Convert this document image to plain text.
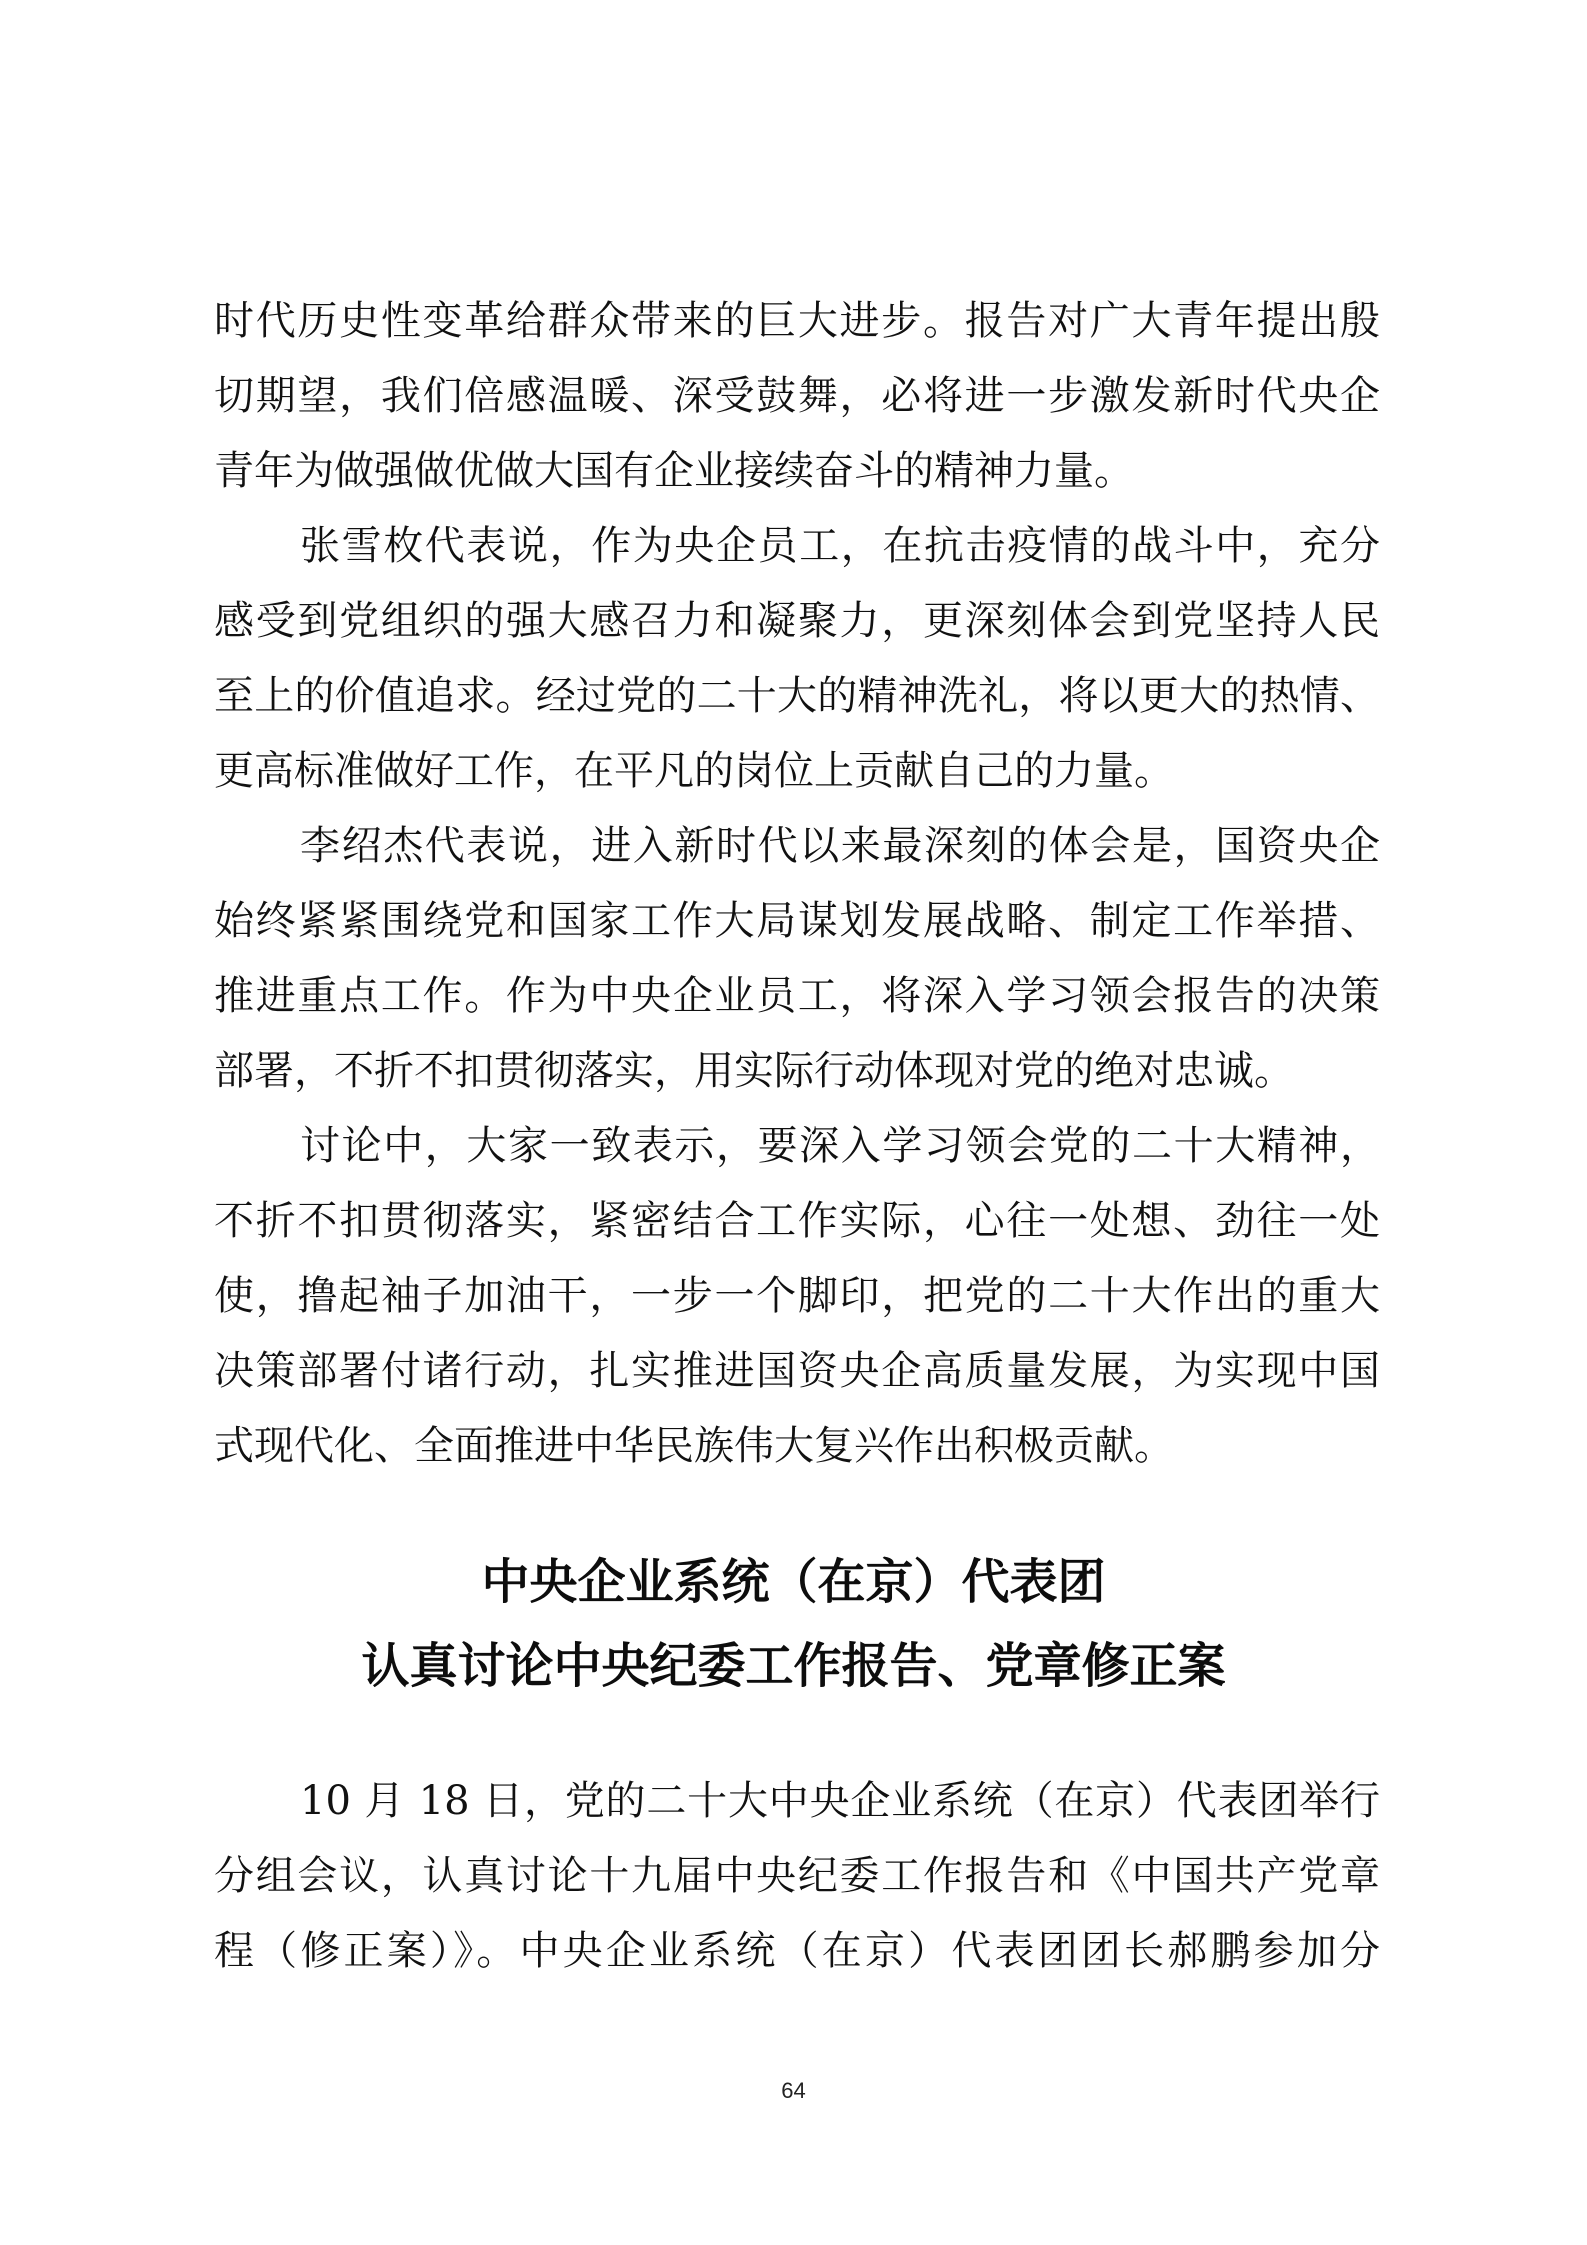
时代历史性变革给群众带来的巨大进步。报告对广大青年提出殷
切期望，我们倍感温暖、深受鼓舞，必将进一步激发新时代央企
青年为做强做优做大国有企业接续奋斗的精神力量。
张雪枚代表说，作为央企员工，在抗击疫情的战斗中，充分
感受到党组织的强大感召力和凝聚力，更深刻体会到党坚持人民
至上的价值追求。经过党的二十大的精神洗礼，将以更大的热情、
更高标准做好工作，在平凡的岗位上贡献自己的力量。
李绍杰代表说，进入新时代以来最深刻的体会是，国资央企
始终紧紧围绕党和国家工作大局谋划发展战略、制定工作举措、
推进重点工作。作为中央企业员工，将深入学习领会报告的决策
部署，不折不扣贯彻落实，用实际行动体现对党的绝对忠诚。
讨论中，大家一致表示，要深入学习领会党的二十大精神，
不折不扣贯彻落实，紧密结合工作实际，心往一处想、劲往一处
使，撸起袖子加油干，一步一个脚印，把党的二十大作出的重大
决策部署付诸行动，扎实推进国资央企高质量发展，为实现中国
式现代化、全面推进中华民族伟大复兴作出积极贡献。
中央企业系统（在京）代表团
认真讨论中央纪委工作报告、党章修正案
10 月 18 日，党的二十大中央企业系统（在京）代表团举行
分组会议，认真讨论十九届中央纪委工作报告和《中国共产党章
程（修正案）》。中央企业系统（在京）代表团团长郝鹏参加分
64
